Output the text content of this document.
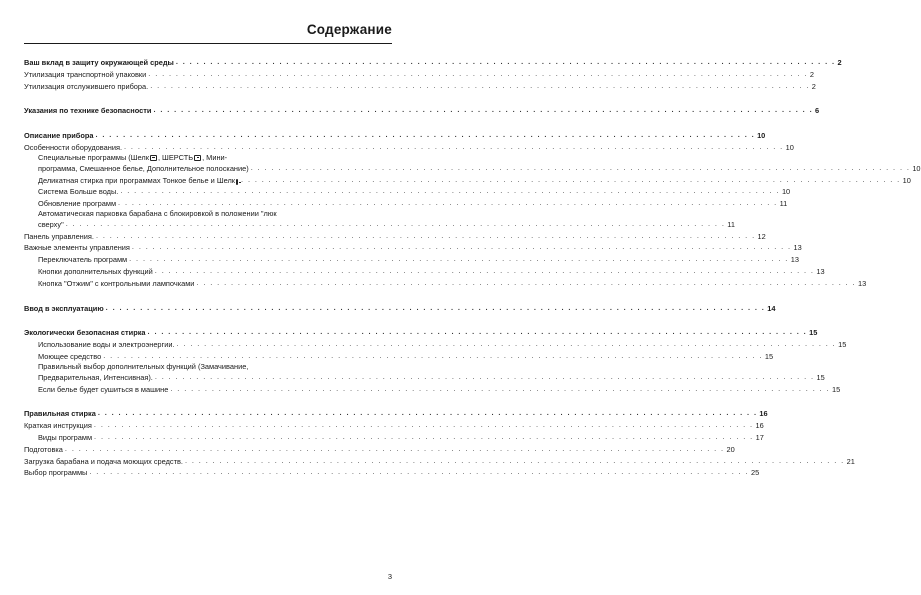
Содержание
Ваш вклад в защиту окружающей среды . . . . . . . . . . . . . . . . . . . . . . . . . . . . . . . . . . . . . . . . . . . . . . . . . . . . . . . . . . . . . . . . . . . . . . . . . . . . . . . . . . . . . . . . . . . . . . . . 2
Утилизация транспортной упаковки . . . . . . . . . . . . . . . . . . . . . . . . . . . . . . . . . . . . . . . . . . . . . . . . . . . . . . . . . . . . . . . . . . . . . . . . . . . . . . . . . . . . . . . . . . . . . . . . 2
Утилизация отслужившего прибора. . . . . . . . . . . . . . . . . . . . . . . . . . . . . . . . . . . . . . . . . . . . . . . . . . . . . . . . . . . . . . . . . . . . . . . . . . . . . . . . . . . . . . . . . . . . . . . . . 2
Указания по технике безопасности . . . . . . . . . . . . . . . . . . . . . . . . . . . . . . . . . . . . . . . . . . . . . . . . . . . . . . . . . . . . . . . . . . . . . . . . . . . . . . . . . . . . . . . . . . . . . . . . 6
Описание прибора . . . . . . . . . . . . . . . . . . . . . . . . . . . . . . . . . . . . . . . . . . . . . . . . . . . . . . . . . . . . . . . . . . . . . . . . . . . . . . . . . . . . . . . . . . . . . . . . 10
Особенности оборудования. . . . . . . . . . . . . . . . . . . . . . . . . . . . . . . . . . . . . . . . . . . . . . . . . . . . . . . . . . . . . . . . . . . . . . . . . . . . . . . . . . . . . . . . . . . . . . . . . 10
Специальные программы (Шелк , ШЕРСТЬ , Мини-
программа, Смешанное белье, Дополнительное полоскание) . . . . . . . . . . . . . . . . . . . . . . . . . . . . . . . . . . . . . . . . . . . . . . . . . . . . . . . . . . . . . . . . . . . . . . . . . . . . . . . . . . . . . . . . . . . . . . . . 10
Деликатная стирка при программах Тонкое белье и Шелк . . . . . . . . . . . . . . . . . . . . . . . . . . . . . . . . . . . . . . . . . . . . . . . . . . . . . . . . . . . . . . . . . . . . . . . . . . . . . . . . . . . . . . . . . . . . . . . . 10
Система Больше воды. . . . . . . . . . . . . . . . . . . . . . . . . . . . . . . . . . . . . . . . . . . . . . . . . . . . . . . . . . . . . . . . . . . . . . . . . . . . . . . . . . . . . . . . . . . . . . . . . 10
Обновление программ . . . . . . . . . . . . . . . . . . . . . . . . . . . . . . . . . . . . . . . . . . . . . . . . . . . . . . . . . . . . . . . . . . . . . . . . . . . . . . . . . . . . . . . . . . . . . . . . 11
Автоматическая парковка барабана с блокировкой в положении "люк
сверху" . . . . . . . . . . . . . . . . . . . . . . . . . . . . . . . . . . . . . . . . . . . . . . . . . . . . . . . . . . . . . . . . . . . . . . . . . . . . . . . . . . . . . . . . . . . . . . . . 11
Панель управления. . . . . . . . . . . . . . . . . . . . . . . . . . . . . . . . . . . . . . . . . . . . . . . . . . . . . . . . . . . . . . . . . . . . . . . . . . . . . . . . . . . . . . . . . . . . . . . . . 12
Важные элементы управления . . . . . . . . . . . . . . . . . . . . . . . . . . . . . . . . . . . . . . . . . . . . . . . . . . . . . . . . . . . . . . . . . . . . . . . . . . . . . . . . . . . . . . . . . . . . . . . . 13
Переключатель программ . . . . . . . . . . . . . . . . . . . . . . . . . . . . . . . . . . . . . . . . . . . . . . . . . . . . . . . . . . . . . . . . . . . . . . . . . . . . . . . . . . . . . . . . . . . . . . . . 13
Кнопки дополнительных функций . . . . . . . . . . . . . . . . . . . . . . . . . . . . . . . . . . . . . . . . . . . . . . . . . . . . . . . . . . . . . . . . . . . . . . . . . . . . . . . . . . . . . . . . . . . . . . . . 13
Кнопка "Отжим" с контрольными лампочками . . . . . . . . . . . . . . . . . . . . . . . . . . . . . . . . . . . . . . . . . . . . . . . . . . . . . . . . . . . . . . . . . . . . . . . . . . . . . . . . . . . . . . . . . . . . . . . . 13
Ввод в эксплуатацию . . . . . . . . . . . . . . . . . . . . . . . . . . . . . . . . . . . . . . . . . . . . . . . . . . . . . . . . . . . . . . . . . . . . . . . . . . . . . . . . . . . . . . . . . . . . . . . . 14
Экологически безопасная стирка . . . . . . . . . . . . . . . . . . . . . . . . . . . . . . . . . . . . . . . . . . . . . . . . . . . . . . . . . . . . . . . . . . . . . . . . . . . . . . . . . . . . . . . . . . . . . . . . 15
Использование воды и электроэнергии. . . . . . . . . . . . . . . . . . . . . . . . . . . . . . . . . . . . . . . . . . . . . . . . . . . . . . . . . . . . . . . . . . . . . . . . . . . . . . . . . . . . . . . . . . . . . . . . . 15
Моющее средство . . . . . . . . . . . . . . . . . . . . . . . . . . . . . . . . . . . . . . . . . . . . . . . . . . . . . . . . . . . . . . . . . . . . . . . . . . . . . . . . . . . . . . . . . . . . . . . . 15
Правильный выбор дополнительных функций (Замачивание,
Предварительная, Интенсивная). . . . . . . . . . . . . . . . . . . . . . . . . . . . . . . . . . . . . . . . . . . . . . . . . . . . . . . . . . . . . . . . . . . . . . . . . . . . . . . . . . . . . . . . . . . . . . . . . 15
Если белье будет сушиться в машине . . . . . . . . . . . . . . . . . . . . . . . . . . . . . . . . . . . . . . . . . . . . . . . . . . . . . . . . . . . . . . . . . . . . . . . . . . . . . . . . . . . . . . . . . . . . . . . . 15
Правильная стирка . . . . . . . . . . . . . . . . . . . . . . . . . . . . . . . . . . . . . . . . . . . . . . . . . . . . . . . . . . . . . . . . . . . . . . . . . . . . . . . . . . . . . . . . . . . . . . . . 16
Краткая инструкция . . . . . . . . . . . . . . . . . . . . . . . . . . . . . . . . . . . . . . . . . . . . . . . . . . . . . . . . . . . . . . . . . . . . . . . . . . . . . . . . . . . . . . . . . . . . . . . . 16
Виды программ . . . . . . . . . . . . . . . . . . . . . . . . . . . . . . . . . . . . . . . . . . . . . . . . . . . . . . . . . . . . . . . . . . . . . . . . . . . . . . . . . . . . . . . . . . . . . . . . 17
Подготовка . . . . . . . . . . . . . . . . . . . . . . . . . . . . . . . . . . . . . . . . . . . . . . . . . . . . . . . . . . . . . . . . . . . . . . . . . . . . . . . . . . . . . . . . . . . . . . . . 20
Загрузка барабана и подача моющих средств. . . . . . . . . . . . . . . . . . . . . . . . . . . . . . . . . . . . . . . . . . . . . . . . . . . . . . . . . . . . . . . . . . . . . . . . . . . . . . . . . . . . . . . . . . . . . . . . . 21
Выбор программы . . . . . . . . . . . . . . . . . . . . . . . . . . . . . . . . . . . . . . . . . . . . . . . . . . . . . . . . . . . . . . . . . . . . . . . . . . . . . . . . . . . . . . . . . . . . . . . . 25
3
